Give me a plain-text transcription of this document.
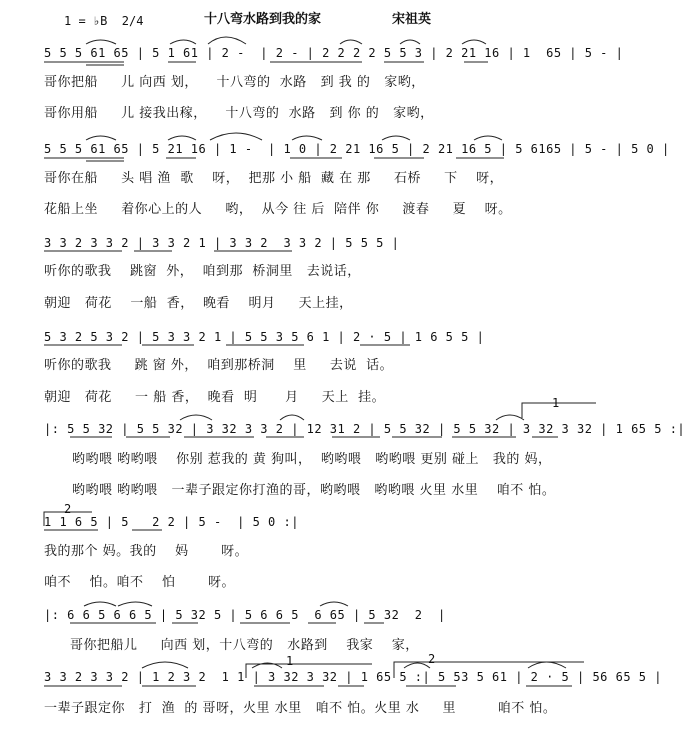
1 = ♭B  2/4	十八弯水路到我的家	宋祖英
5 5 5 61 65 | 5 1 61 | 2 -  | 2 - | 2 2 2 2 5 5 3 | 2 21 16 | 1  65 | 5 - |
哥你把船     儿 向西 划，    十八弯的  水路   到 我 的   家哟，
哥你用船     儿 接我出稼，    十八弯的  水路   到 你 的   家哟，
5 5 5 61 65 | 5 21 16 | 1 -  | 1 0 | 2 21 16 5 | 2 21 16 5 | 5 6165 | 5 - | 5 0 |
哥你在船     头 唱 渔  歌    呀，  把那 小 船  藏 在 那     石桥     下    呀，
花船上坐     着你心上的人     哟，  从今 往 后  陪伴 你     渡春     夏    呀。
3 3 2 3 3 2 | 3 3 2 1 | 3 3 2  3 3 2 | 5 5 5 |
听你的歌我    跳窗  外，  咱到那  桥洞里   去说话，
朝迎   荷花    一船  香，  晚看    明月     天上挂，
5 3 2 5 3 2 | 5 3 3 2 1 | 5 5 3 5 6 1 | 2 · 5 | 1 6 5 5 |
听你的歌我     跳 窗 外，  咱到那桥洞    里     去说  话。
朝迎   荷花     一 船 香，  晚看  明      月     天上  挂。
|: 5 5 32 | 5 5 32 | 3 32 3 3 2 | 12 31 2 | 5 5 32 | 5 5 32 | 3 32 3 32 | 1 65 5 :|
哟哟喂 哟哟喂    你别 惹我的 黄 狗叫，  哟哟喂   哟哟喂 更别 碰上   我的 妈，
哟哟喂 哟哟喂   一辈子跟定你打渔的哥，哟哟喂   哟哟喂 火里 水里    咱不 怕。
1 1 6 5 | 5   2 2 | 5 -  | 5 0 :|
我的那个 妈。我的    妈       呀。
咱不    怕。咱不    怕       呀。
|: 6 6 5 6 6 5 | 5 32 5 | 5 6 6 5  6 65 | 5 32  2  |
哥你把船儿     向西 划，十八弯的   水路到    我家    家，
3 3 2 3 3 2 | 1 2 3 2  1 1 | 3 32 3 32 | 1 65 5 :| 5 53 5 61 | 2 · 5 | 56 65 5 |
一辈子跟定你   打  渔  的 哥呀，火里 水里   咱不 怕。火里 水     里         咱不 怕。
1
2
1	2
